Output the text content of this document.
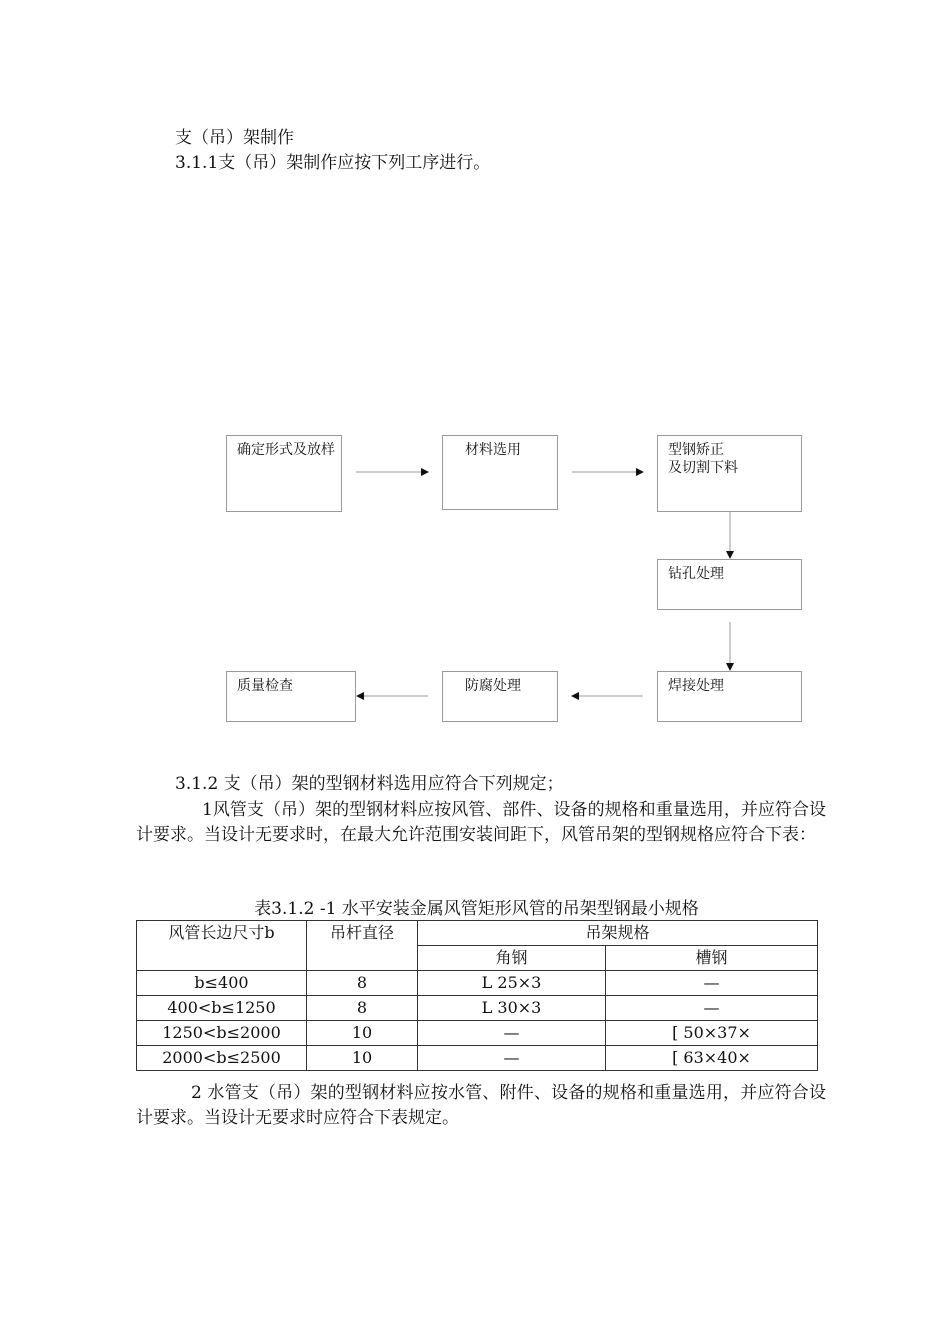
支（吊）架制作
3.1.1支（吊）架制作应按下列工序进行。
确定形式及放样	材料选用	型钢矫正
及切割下料
钻孔处理
焊接处理
防腐处理
质量检查
3.1.2 支（吊）架的型钢材料选用应符合下列规定；
1风管支（吊）架的型钢材料应按风管、部件、设备的规格和重量选用，并应符合设计要求。当设计无要求时，在最大允许范围安装间距下，风管吊架的型钢规格应符合下表：
表3.1.2 -1 水平安装金属风管矩形风管的吊架型钢最小规格
风管长边尺寸b	吊杆直径	吊架规格	
		角钢	槽钢
b≤400	8	L 25×3	—
400<b≤1250	8	L 30×3	—
1250<b≤2000	10	—	[ 50×37×
2000<b≤2500	10	—	[ 63×40×
2 水管支（吊）架的型钢材料应按水管、附件、设备的规格和重量选用，并应符合设计要求。当设计无要求时应符合下表规定。
